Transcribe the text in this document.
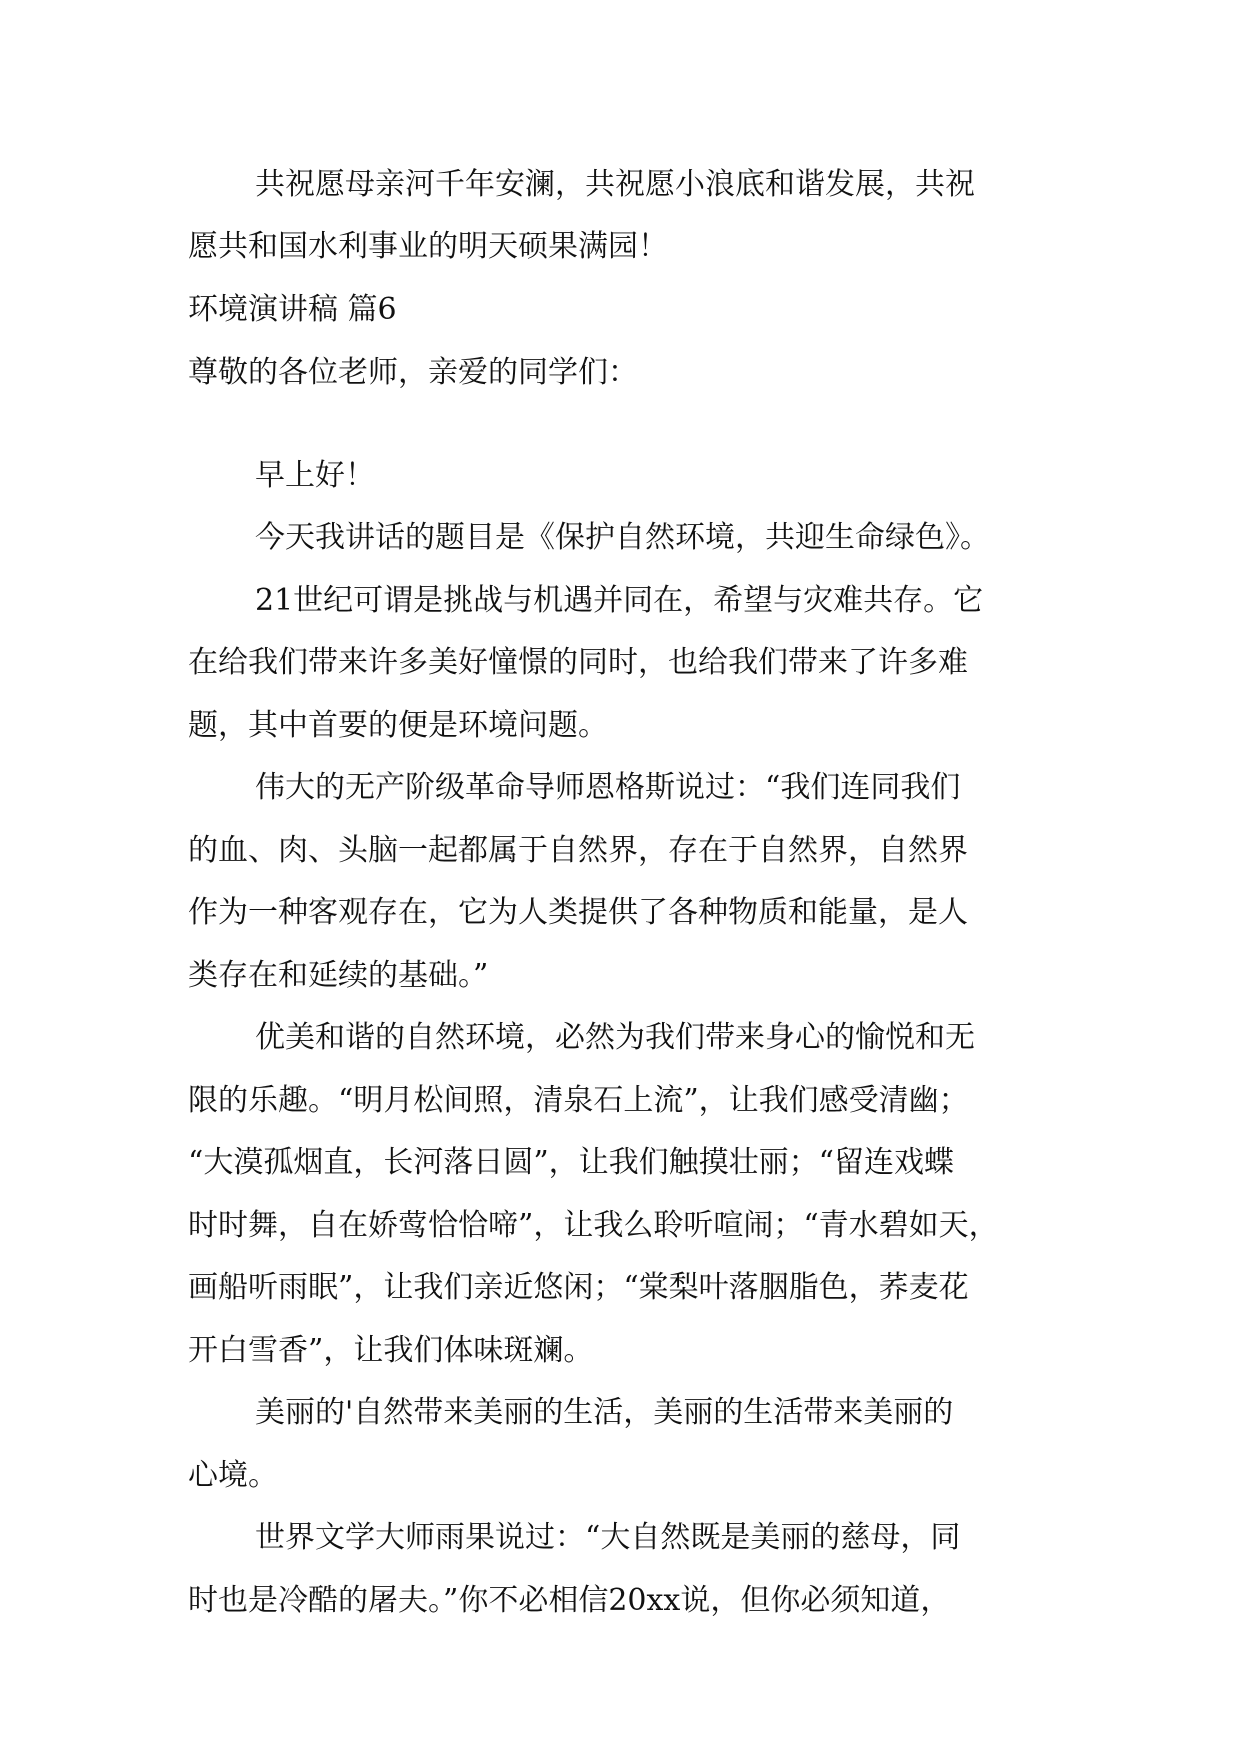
共祝愿母亲河千年安澜，共祝愿小浪底和谐发展，共祝
愿共和国水利事业的明天硕果满园！
环境演讲稿 篇6
尊敬的各位老师，亲爱的同学们：
早上好！
今天我讲话的题目是《保护自然环境，共迎生命绿色》。
21世纪可谓是挑战与机遇并同在，希望与灾难共存。它
在给我们带来许多美好憧憬的同时，也给我们带来了许多难
题，其中首要的便是环境问题。
伟大的无产阶级革命导师恩格斯说过：“我们连同我们
的血、肉、头脑一起都属于自然界，存在于自然界，自然界
作为一种客观存在，它为人类提供了各种物质和能量，是人
类存在和延续的基础。”
优美和谐的自然环境，必然为我们带来身心的愉悦和无
限的乐趣。“明月松间照，清泉石上流”，让我们感受清幽；
“大漠孤烟直，长河落日圆”，让我们触摸壮丽；“留连戏蝶
时时舞，自在娇莺恰恰啼”，让我么聆听喧闹；“青水碧如天，
画船听雨眠”，让我们亲近悠闲；“棠梨叶落胭脂色，荞麦花
开白雪香”，让我们体味斑斓。
美丽的'自然带来美丽的生活，美丽的生活带来美丽的
心境。
世界文学大师雨果说过：“大自然既是美丽的慈母，同
时也是冷酷的屠夫。”你不必相信20xx说，但你必须知道，
